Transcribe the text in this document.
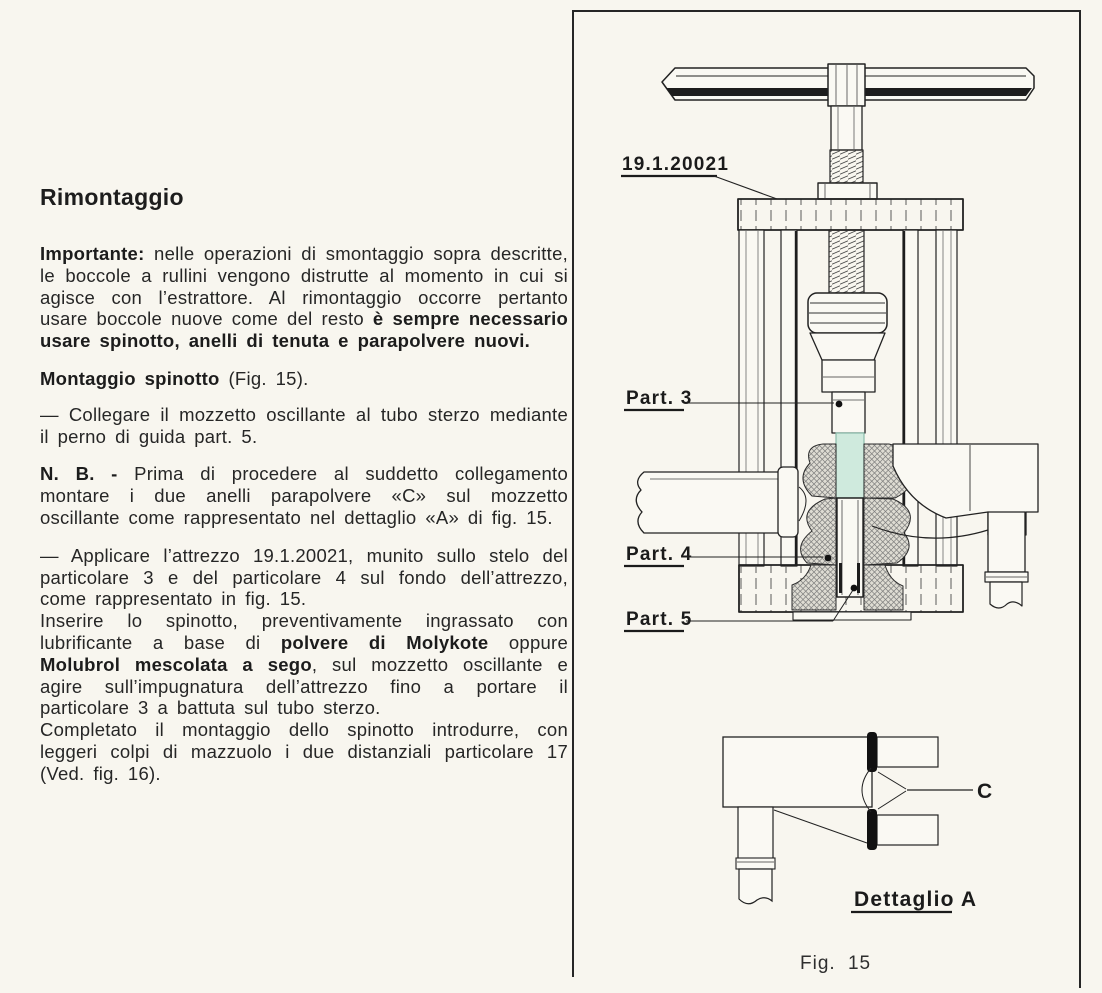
Rimontaggio

Importante: nelle operazioni di smontaggio sopra descritte, le boccole a rullini vengono distrutte al momento in cui si agisce con l’estrattore. Al rimontaggio occorre pertanto usare boccole nuove come del resto è sempre necessario usare spinotto, anelli di tenuta e parapolvere nuovi.

Montaggio spinotto (Fig. 15).

— Collegare il mozzetto oscillante al tubo sterzo mediante il perno di guida part. 5.

N. B. - Prima di procedere al suddetto collegamento montare i due anelli parapolvere «C» sul mozzetto oscillante come rappresentato nel dettaglio «A» di fig. 15.

— Applicare l’attrezzo 19.1.20021, munito sullo stelo del particolare 3 e del particolare 4 sul fondo dell’attrezzo, come rappresentato in fig. 15.

Inserire lo spinotto, preventivamente ingrassato con lubrificante a base di polvere di Molykote oppure Molubrol mescolata a sego, sul mozzetto oscillante e agire sull’impugnatura dell’attrezzo fino a portare il particolare 3 a battuta sul tubo sterzo.

Completato il montaggio dello spinotto introdurre, con leggeri colpi di mazzuolo i due distanziali particolare 17 (Ved. fig. 16).

19.1.20021
Part. 3
Part. 4
Part. 5
C
Dettaglio A
Fig. 15
